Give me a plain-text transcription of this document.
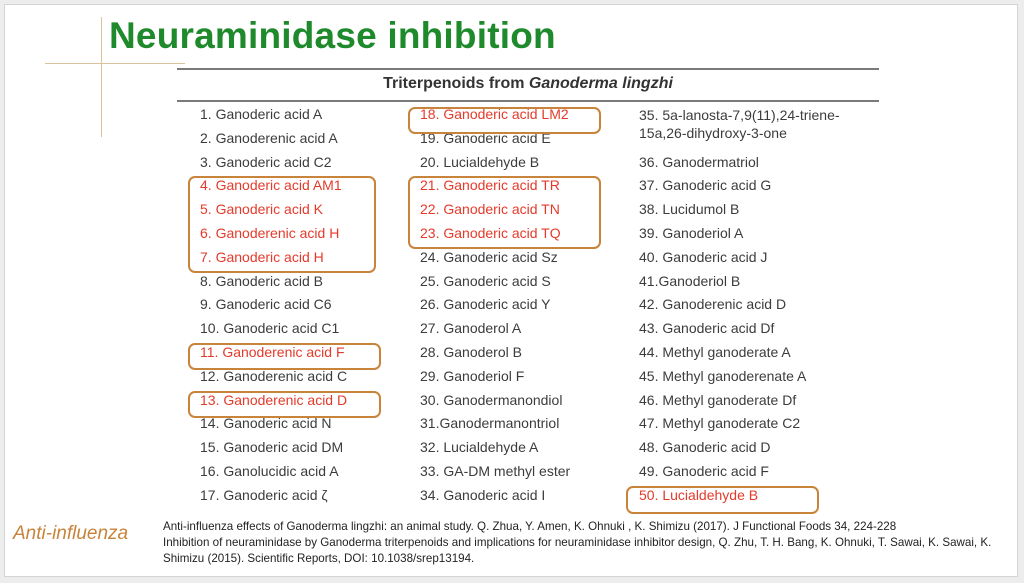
Neuraminidase inhibition
Triterpenoids from Ganoderma lingzhi
1. Ganoderic acid A
2. Ganoderenic acid A
3. Ganoderic acid C2
4. Ganoderic acid AM1
5. Ganoderic acid K
6. Ganoderenic acid H
7. Ganoderic acid H
8. Ganoderic acid B
9. Ganoderic acid C6
10. Ganoderic acid C1
11. Ganoderenic acid F
12. Ganoderenic acid C
13. Ganoderenic acid D
14. Ganoderic acid N
15. Ganoderic acid DM
16. Ganolucidic acid A
17. Ganoderic acid ζ
18. Ganoderic acid LM2
19. Ganoderic acid E
20. Lucialdehyde B
21. Ganoderic acid TR
22. Ganoderic acid TN
23. Ganoderic acid TQ
24. Ganoderic acid Sz
25. Ganoderic acid S
26. Ganoderic acid Y
27. Ganoderol A
28. Ganoderol B
29. Ganoderiol F
30. Ganodermanondiol
31.Ganodermanontriol
32. Lucialdehyde A
33. GA-DM methyl ester
34. Ganoderic acid I
35. 5a-lanosta-7,9(11),24-triene-15a,26-dihydroxy-3-one
36. Ganodermatriol
37. Ganoderic acid G
38. Lucidumol B
39. Ganoderiol A
40. Ganoderic acid J
41.Ganoderiol B
42. Ganoderenic acid D
43. Ganoderic acid Df
44. Methyl ganoderate A
45. Methyl ganoderenate A
46. Methyl ganoderate Df
47. Methyl ganoderate C2
48. Ganoderic acid D
49. Ganoderic acid F
50. Lucialdehyde B
Anti-influenza	Anti-influenza effects of Ganoderma lingzhi: an animal study. Q. Zhua, Y. Amen, K. Ohnuki , K. Shimizu (2017). J Functional Foods 34, 224-228
Inhibition of neuraminidase by Ganoderma triterpenoids and implications for neuraminidase inhibitor design, Q. Zhu, T. H. Bang, K. Ohnuki, T. Sawai, K. Sawai, K. Shimizu (2015). Scientific Reports, DOI: 10.1038/srep13194.
